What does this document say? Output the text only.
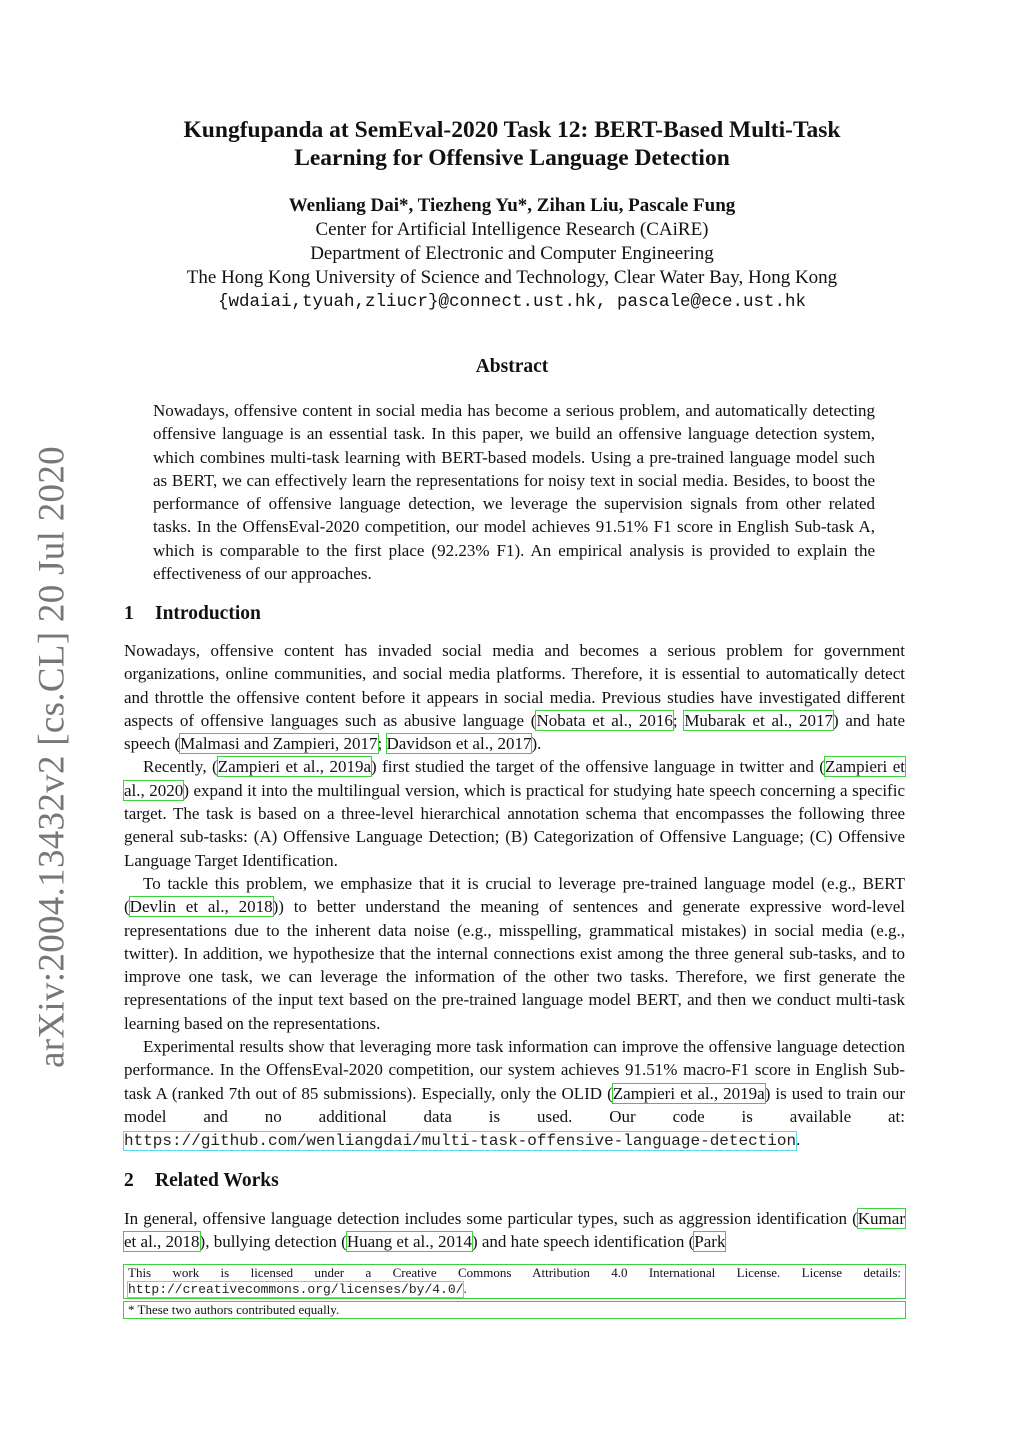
arXiv:2004.13432v2 [cs.CL] 20 Jul 2020
Kungfupanda at SemEval-2020 Task 12: BERT-Based Multi-Task
Learning for Offensive Language Detection
Wenliang Dai*, Tiezheng Yu*, Zihan Liu, Pascale Fung
Center for Artificial Intelligence Research (CAiRE)
Department of Electronic and Computer Engineering
The Hong Kong University of Science and Technology, Clear Water Bay, Hong Kong
{wdaiai,tyuah,zliucr}@connect.ust.hk, pascale@ece.ust.hk
Abstract
Nowadays, offensive content in social media has become a serious problem, and automatically detecting offensive language is an essential task. In this paper, we build an offensive language detection system, which combines multi-task learning with BERT-based models. Using a pre-trained language model such as BERT, we can effectively learn the representations for noisy text in social media. Besides, to boost the performance of offensive language detection, we leverage the supervision signals from other related tasks. In the OffensEval-2020 competition, our model achieves 91.51% F1 score in English Sub-task A, which is comparable to the first place (92.23% F1). An empirical analysis is provided to explain the effectiveness of our approaches.
1 Introduction

Nowadays, offensive content has invaded social media and becomes a serious problem for government organizations, online communities, and social media platforms. Therefore, it is essential to automatically detect and throttle the offensive content before it appears in social media. Previous studies have investigated different aspects of offensive languages such as abusive language (Nobata et al., 2016; Mubarak et al., 2017) and hate speech (Malmasi and Zampieri, 2017; Davidson et al., 2017).

Recently, (Zampieri et al., 2019a) first studied the target of the offensive language in twitter and (Zampieri et al., 2020) expand it into the multilingual version, which is practical for studying hate speech concerning a specific target. The task is based on a three-level hierarchical annotation schema that encompasses the following three general sub-tasks: (A) Offensive Language Detection; (B) Categorization of Offensive Language; (C) Offensive Language Target Identification.

To tackle this problem, we emphasize that it is crucial to leverage pre-trained language model (e.g., BERT (Devlin et al., 2018)) to better understand the meaning of sentences and generate expressive word-level representations due to the inherent data noise (e.g., misspelling, grammatical mistakes) in social media (e.g., twitter). In addition, we hypothesize that the internal connections exist among the three general sub-tasks, and to improve one task, we can leverage the information of the other two tasks. Therefore, we first generate the representations of the input text based on the pre-trained language model BERT, and then we conduct multi-task learning based on the representations.

Experimental results show that leveraging more task information can improve the offensive language detection performance. In the OffensEval-2020 competition, our system achieves 91.51% macro-F1 score in English Sub-task A (ranked 7th out of 85 submissions). Especially, only the OLID (Zampieri et al., 2019a) is used to train our model and no additional data is used. Our code is available at: https://github.com/wenliangdai/multi-task-offensive-language-detection.

2 Related Works

In general, offensive language detection includes some particular types, such as aggression identification (Kumar et al., 2018), bullying detection (Huang et al., 2014) and hate speech identification (Park

This work is licensed under a Creative Commons Attribution 4.0 International License. License details: http://creativecommons.org/licenses/by/4.0/.
* These two authors contributed equally.
